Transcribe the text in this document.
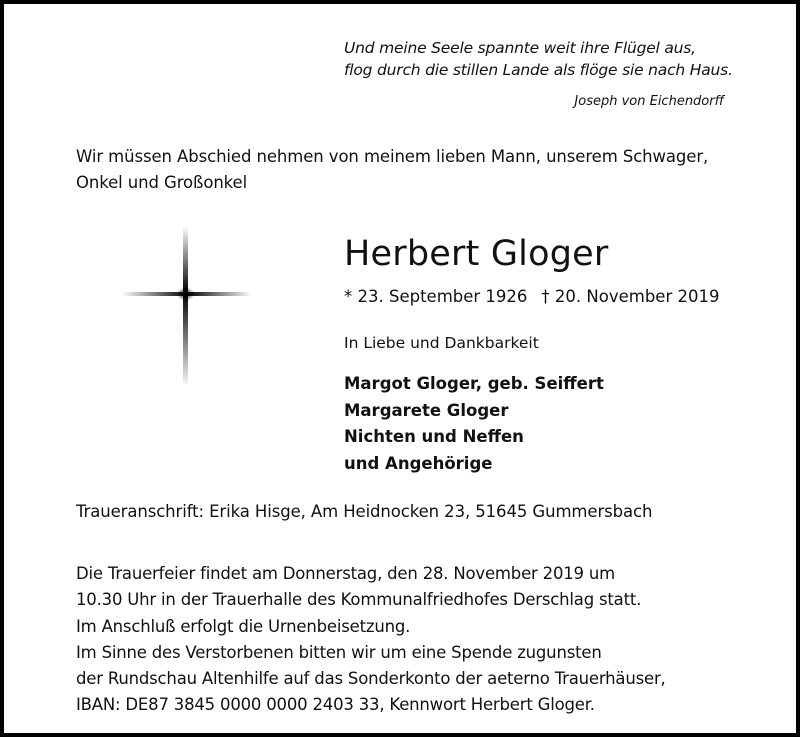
Und meine Seele spannte weit ihre Flügel aus,
flog durch die stillen Lande als flöge sie nach Haus.
Joseph von Eichendorff
Wir müssen Abschied nehmen von meinem lieben Mann, unserem Schwager,
Onkel und Großonkel
Herbert Gloger
* 23. September 1926 † 20. November 2019
In Liebe und Dankbarkeit
Margot Gloger, geb. Seiffert
Margarete Gloger
Nichten und Neffen
und Angehörige
Traueranschrift: Erika Hisge, Am Heidnocken 23, 51645 Gummersbach
Die Trauerfeier findet am Donnerstag, den 28. November 2019 um
10.30 Uhr in der Trauerhalle des Kommunalfriedhofes Derschlag statt.
Im Anschluß erfolgt die Urnenbeisetzung.
Im Sinne des Verstorbenen bitten wir um eine Spende zugunsten
der Rundschau Altenhilfe auf das Sonderkonto der aeterno Trauerhäuser,
IBAN: DE87 3845 0000 0000 2403 33, Kennwort Herbert Gloger.
